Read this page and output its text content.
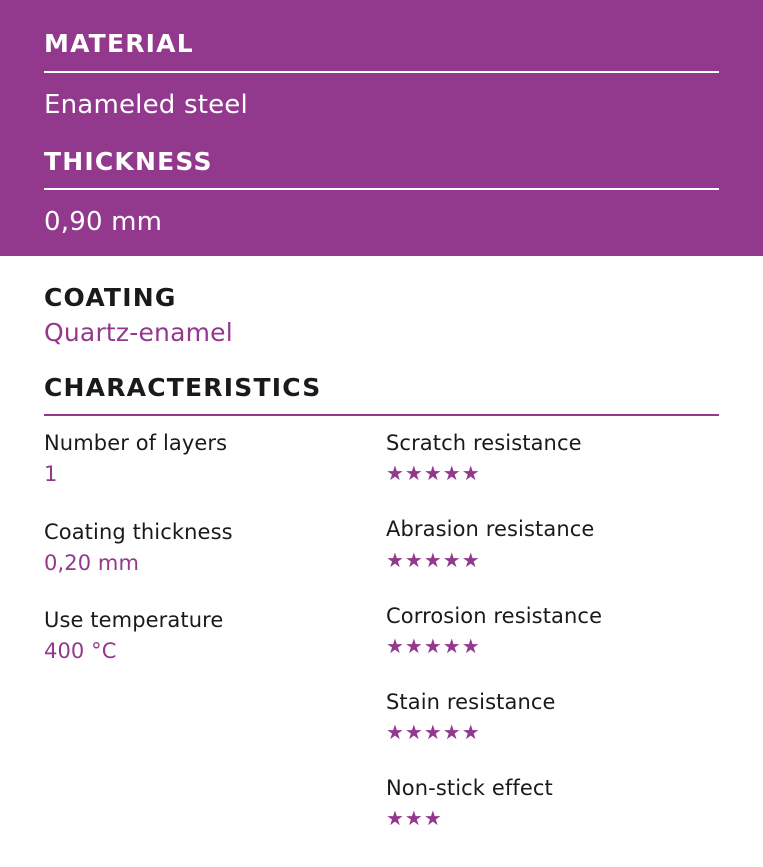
MATERIAL

Enameled steel

THICKNESS

0,90 mm

COATING

Quartz-enamel

CHARACTERISTICS

Number of layers

1

Coating thickness

0,20 mm

Use temperature

400 °C

Scratch resistance

★★★★★

Abrasion resistance

★★★★★

Corrosion resistance

★★★★★

Stain resistance

★★★★★

Non-stick effect

★★★
